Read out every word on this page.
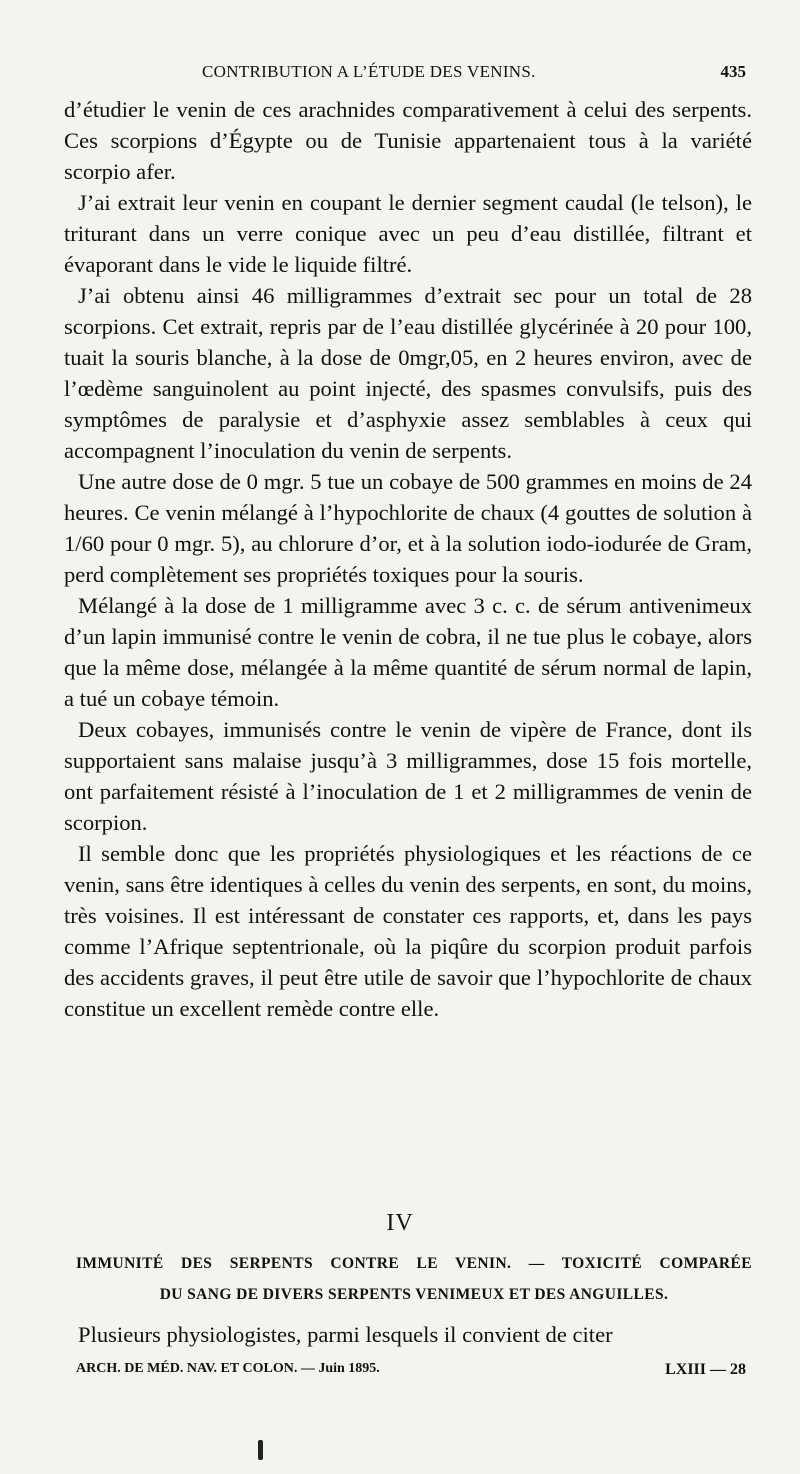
CONTRIBUTION A L’ÉTUDE DES VENINS.	435

d’étudier le venin de ces arachnides comparativement à celui des serpents. Ces scorpions d’Égypte ou de Tunisie appartenaient tous à la variété scorpio afer.

J’ai extrait leur venin en coupant le dernier segment caudal (le telson), le triturant dans un verre conique avec un peu d’eau distillée, filtrant et évaporant dans le vide le liquide filtré.

J’ai obtenu ainsi 46 milligrammes d’extrait sec pour un total de 28 scorpions. Cet extrait, repris par de l’eau distillée glycérinée à 20 pour 100, tuait la souris blanche, à la dose de 0mgr,05, en 2 heures environ, avec de l’œdème sanguinolent au point injecté, des spasmes convulsifs, puis des symptômes de paralysie et d’asphyxie assez semblables à ceux qui accompagnent l’inoculation du venin de serpents.

Une autre dose de 0 mgr. 5 tue un cobaye de 500 grammes en moins de 24 heures. Ce venin mélangé à l’hypochlorite de chaux (4 gouttes de solution à 1/60 pour 0 mgr. 5), au chlorure d’or, et à la solution iodo-iodurée de Gram, perd complètement ses propriétés toxiques pour la souris.

Mélangé à la dose de 1 milligramme avec 3 c. c. de sérum antivenimeux d’un lapin immunisé contre le venin de cobra, il ne tue plus le cobaye, alors que la même dose, mélangée à la même quantité de sérum normal de lapin, a tué un cobaye témoin.

Deux cobayes, immunisés contre le venin de vipère de France, dont ils supportaient sans malaise jusqu’à 3 milligrammes, dose 15 fois mortelle, ont parfaitement résisté à l’inoculation de 1 et 2 milligrammes de venin de scorpion.

Il semble donc que les propriétés physiologiques et les réactions de ce venin, sans être identiques à celles du venin des serpents, en sont, du moins, très voisines. Il est intéressant de constater ces rapports, et, dans les pays comme l’Afrique septentrionale, où la piqûre du scorpion produit parfois des accidents graves, il peut être utile de savoir que l’hypochlorite de chaux constitue un excellent remède contre elle.

IV
IMMUNITÉ DES SERPENTS CONTRE LE VENIN. — TOXICITÉ COMPARÉE
DU SANG DE DIVERS SERPENTS VENIMEUX ET DES ANGUILLES.
Plusieurs physiologistes, parmi lesquels il convient de citer
ARCH. DE MÉD. NAV. ET COLON. — Juin 1895.	LXIII — 28
